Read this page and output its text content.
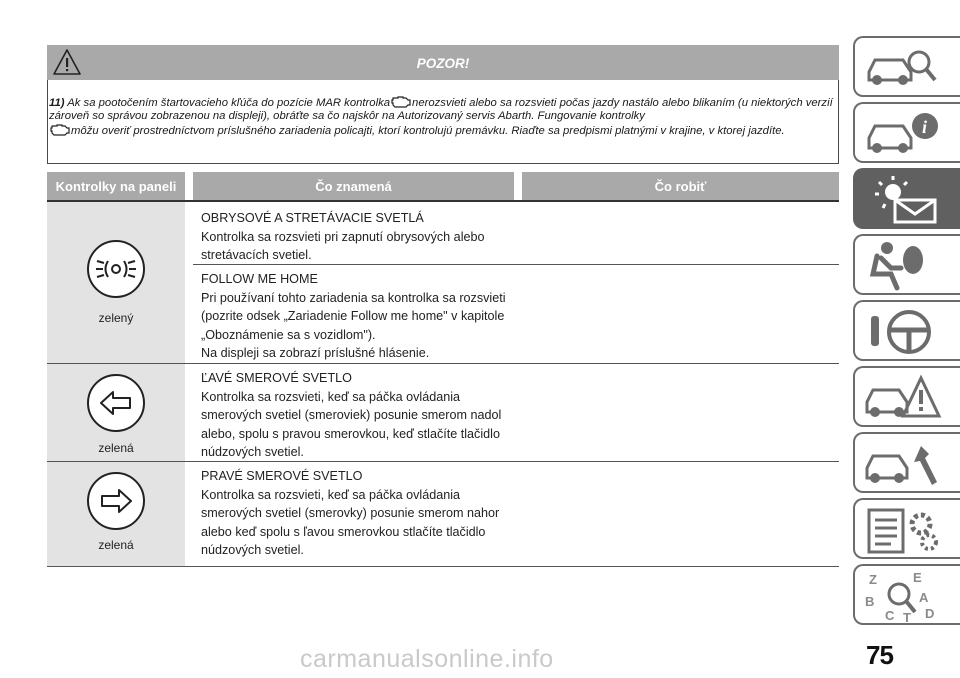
POZOR!
11) Ak sa pootočením štartovacieho kľúča do pozície MAR kontrolka nerozsvieti alebo sa rozsvieti počas jazdy nastálo alebo blikaním (u niektorých verzií zároveň so správou zobrazenou na displeji), obráťte sa čo najskôr na Autorizovaný servis Abarth. Fungovanie kontrolky
môžu overiť prostredníctvom príslušného zariadenia policajti, ktorí kontrolujú premávku. Riaďte sa predpismi platnými v krajine, v ktorej jazdíte.
Kontrolky na paneli	Čo znamená	Čo robiť
zelený
OBRYSOVÉ A STRETÁVACIE SVETLÁ
Kontrolka sa rozsvieti pri zapnutí obrysových alebo
stretávacích svetiel.
FOLLOW ME HOME
Pri používaní tohto zariadenia sa kontrolka sa rozsvieti
(pozrite odsek „Zariadenie Follow me home" v kapitole
„Oboznámenie sa s vozidlom").
Na displeji sa zobrazí príslušné hlásenie.
zelená
ĽAVÉ SMEROVÉ SVETLO
Kontrolka sa rozsvieti, keď sa páčka ovládania
smerových svetiel (smeroviek) posunie smerom nadol
alebo, spolu s pravou smerovkou, keď stlačíte tlačidlo
núdzových svetiel.
zelená
PRAVÉ SMEROVÉ SVETLO
Kontrolka sa rozsvieti, keď sa páčka ovládania
smerových svetiel (smerovky) posunie smerom nahor
alebo keď spolu s ľavou smerovkou stlačíte tlačidlo
núdzových svetiel.
i
Z	E
B	A
C T D
75
carmanualsonline.info
